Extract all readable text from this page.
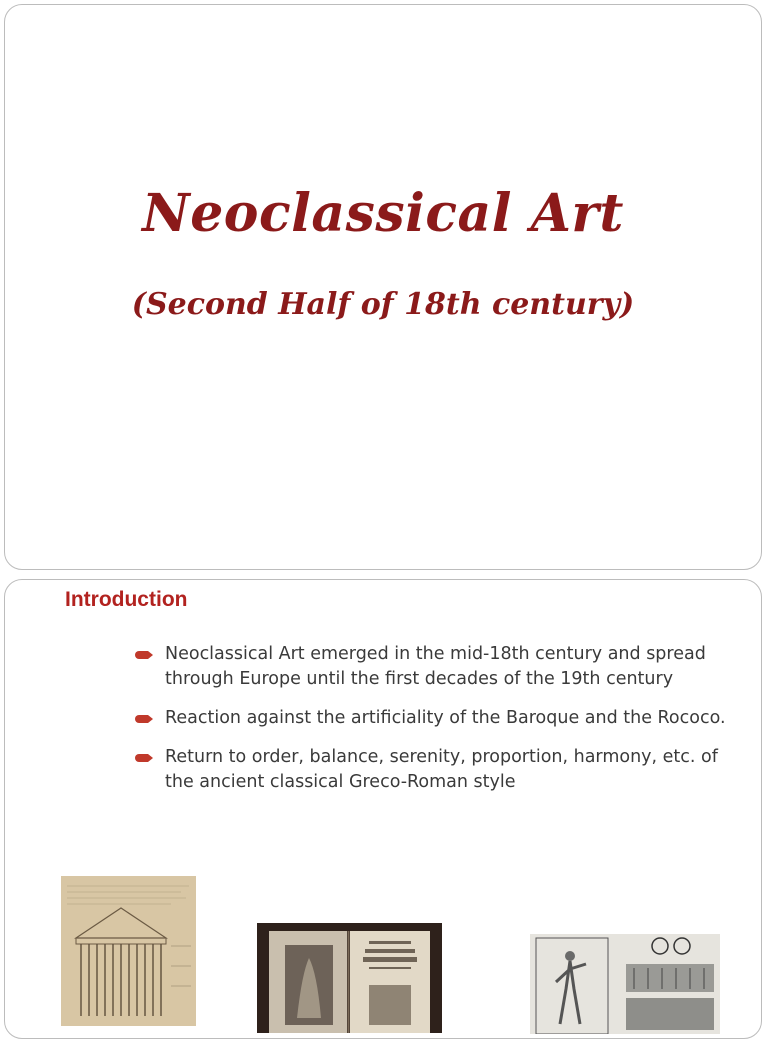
Neoclassical Art
(Second Half of 18th century)
Introduction
Neoclassical Art emerged in the mid-18th century and spread through Europe until the first decades of the 19th century
Reaction against the artificiality of the Baroque and the Rococo.
Return to order, balance, serenity, proportion, harmony, etc. of the ancient classical Greco-Roman style
